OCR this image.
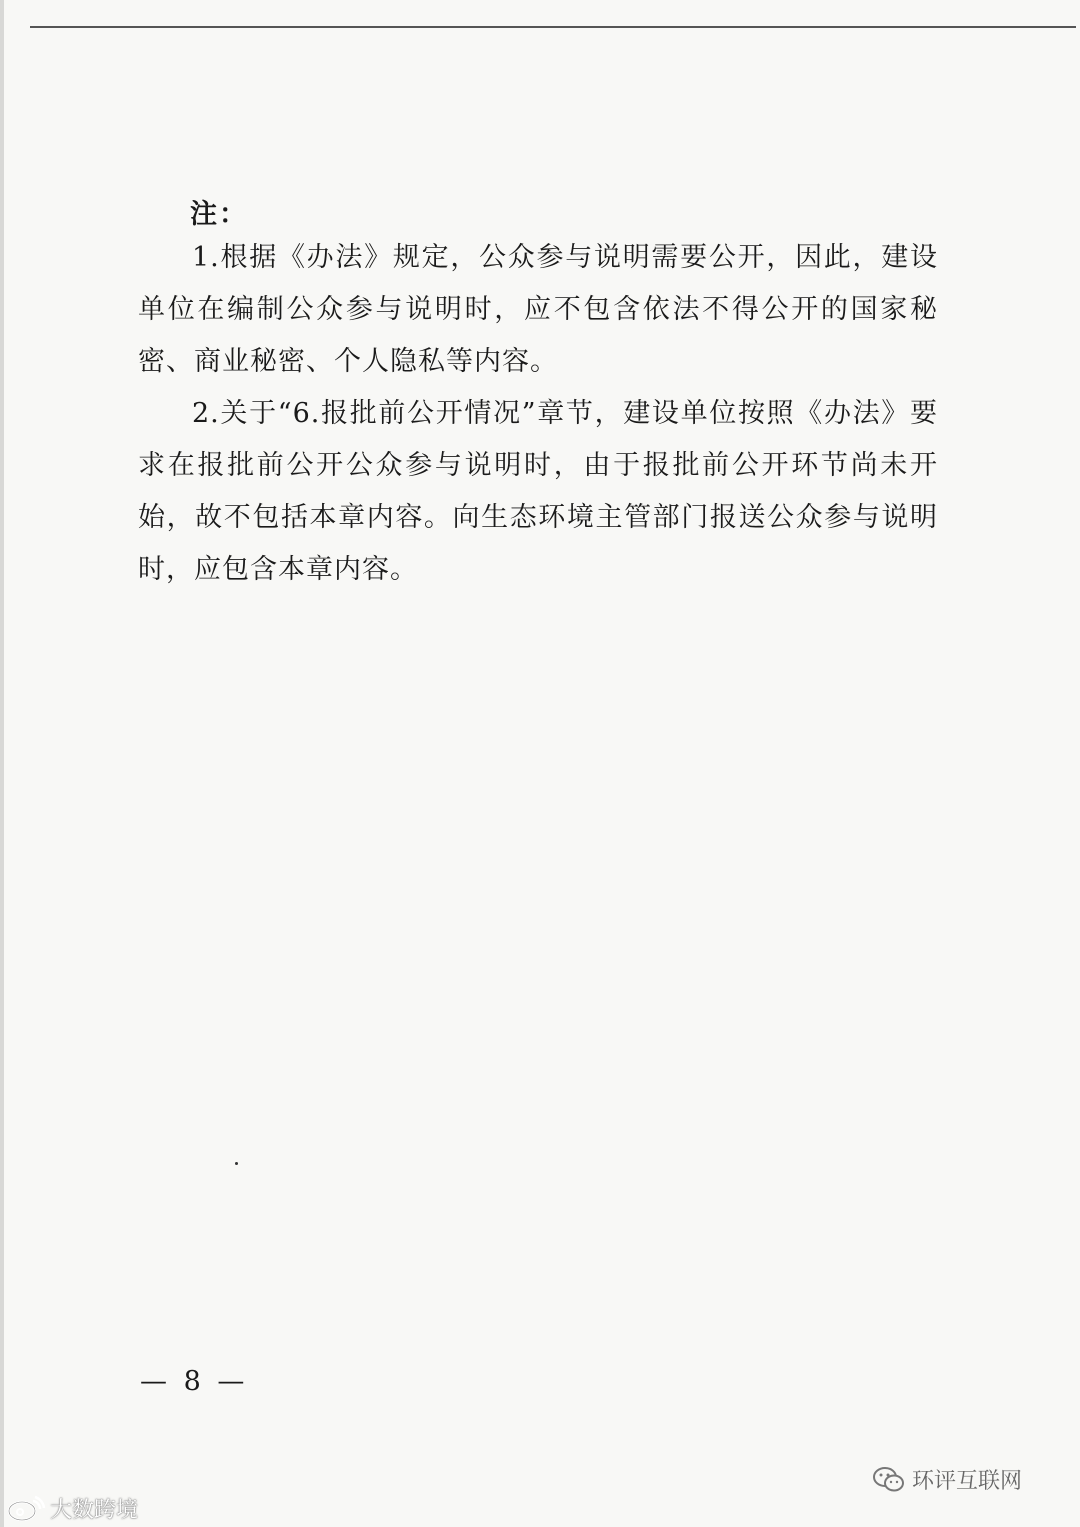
注：

1.根据《办法》规定，公众参与说明需要公开，因此，建设单位在编制公众参与说明时，应不包含依法不得公开的国家秘密、商业秘密、个人隐私等内容。

2.关于“6.报批前公开情况”章节，建设单位按照《办法》要求在报批前公开公众参与说明时，由于报批前公开环节尚未开始，故不包括本章内容。向生态环境主管部门报送公众参与说明时，应包含本章内容。

— 8 —
环评互联网
大数跨境
